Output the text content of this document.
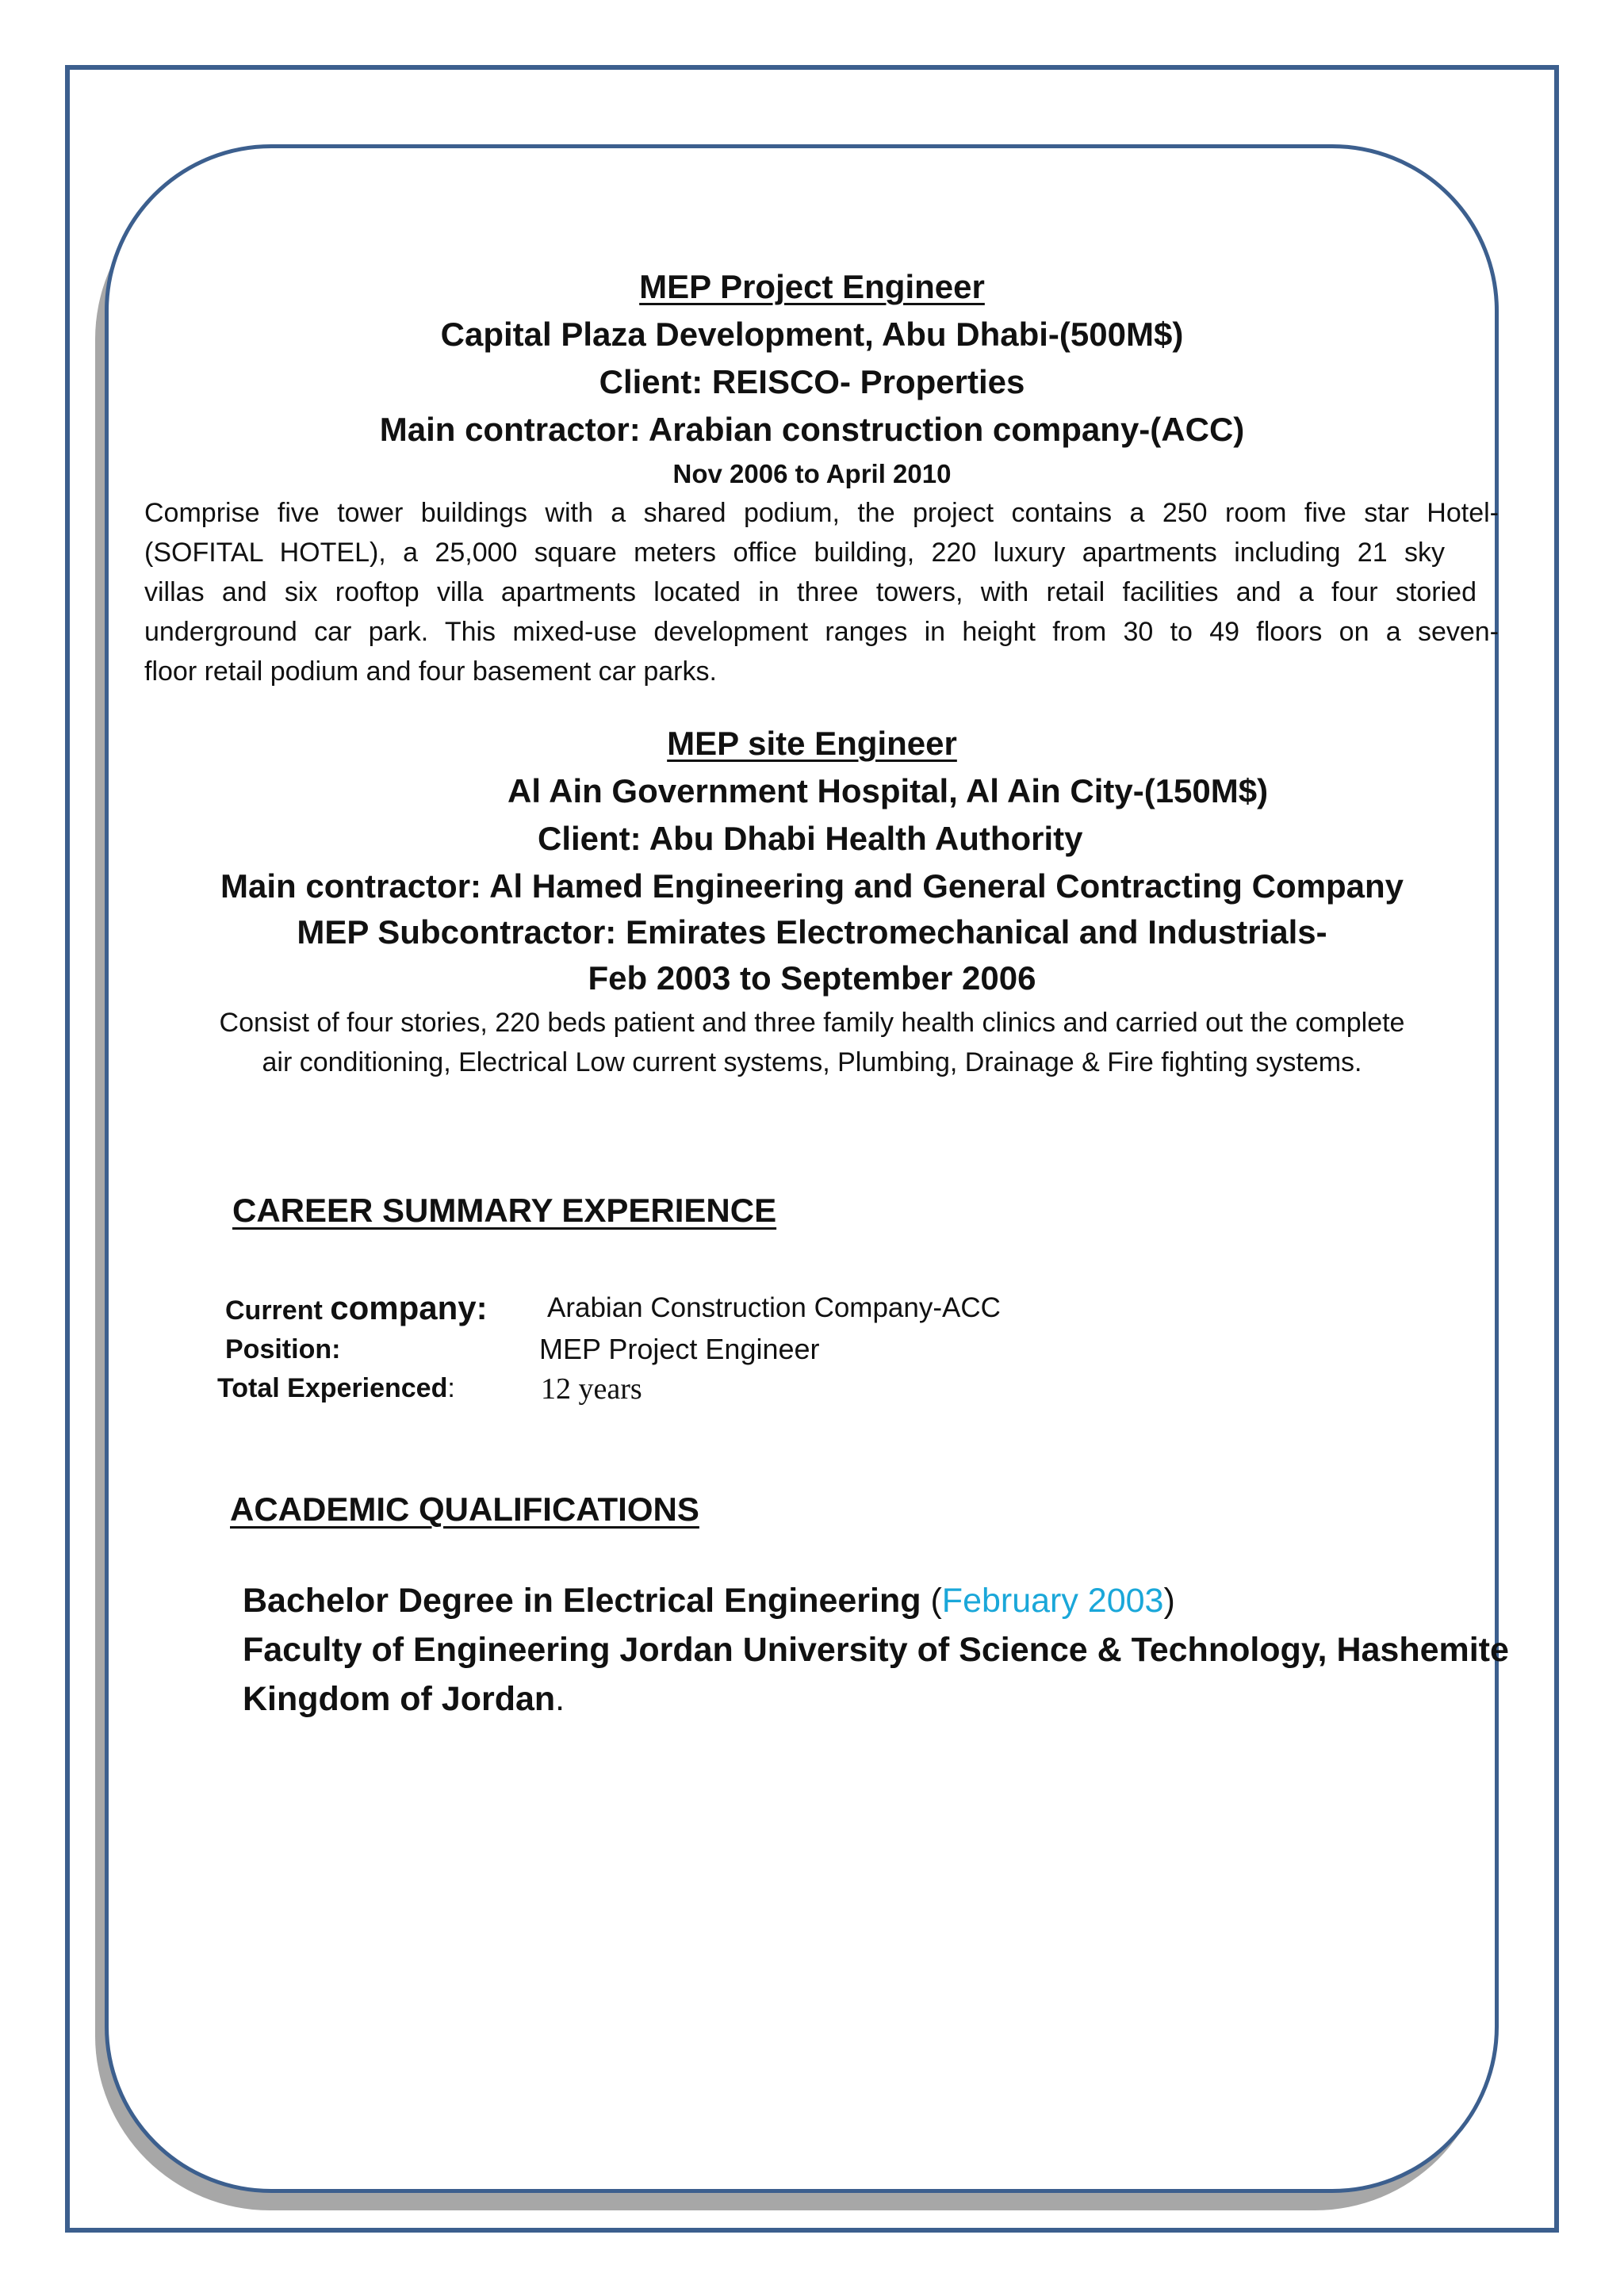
MEP Project Engineer
Capital Plaza Development, Abu Dhabi-(500M$)
Client: REISCO- Properties
Main contractor: Arabian construction company-(ACC)
Nov 2006 to April 2010
Comprise five tower buildings with a shared podium, the project contains a 250 room five star Hotel-
(SOFITAL HOTEL), a 25,000 square meters office building, 220 luxury apartments including 21 sky
villas and six rooftop villa apartments located in three towers, with retail facilities and a four storied
underground car park. This mixed-use development ranges in height from 30 to 49 floors on a seven-
floor retail podium and four basement car parks.
MEP site Engineer
Al Ain Government Hospital, Al Ain City-(150M$)
Client: Abu Dhabi Health Authority
Main contractor: Al Hamed Engineering and General Contracting Company
MEP Subcontractor: Emirates Electromechanical and Industrials-
Feb 2003 to September 2006
Consist of four stories, 220 beds patient and three family health clinics and carried out the complete
air conditioning, Electrical Low current systems, Plumbing, Drainage & Fire fighting systems.
CAREER SUMMARY EXPERIENCE
Current company: Arabian Construction Company-ACC
Position:	MEP Project Engineer
Total Experienced:	12 years
ACADEMIC QUALIFICATIONS
Bachelor Degree in Electrical Engineering (February 2003)
Faculty of Engineering Jordan University of Science & Technology, Hashemite
Kingdom of Jordan.
